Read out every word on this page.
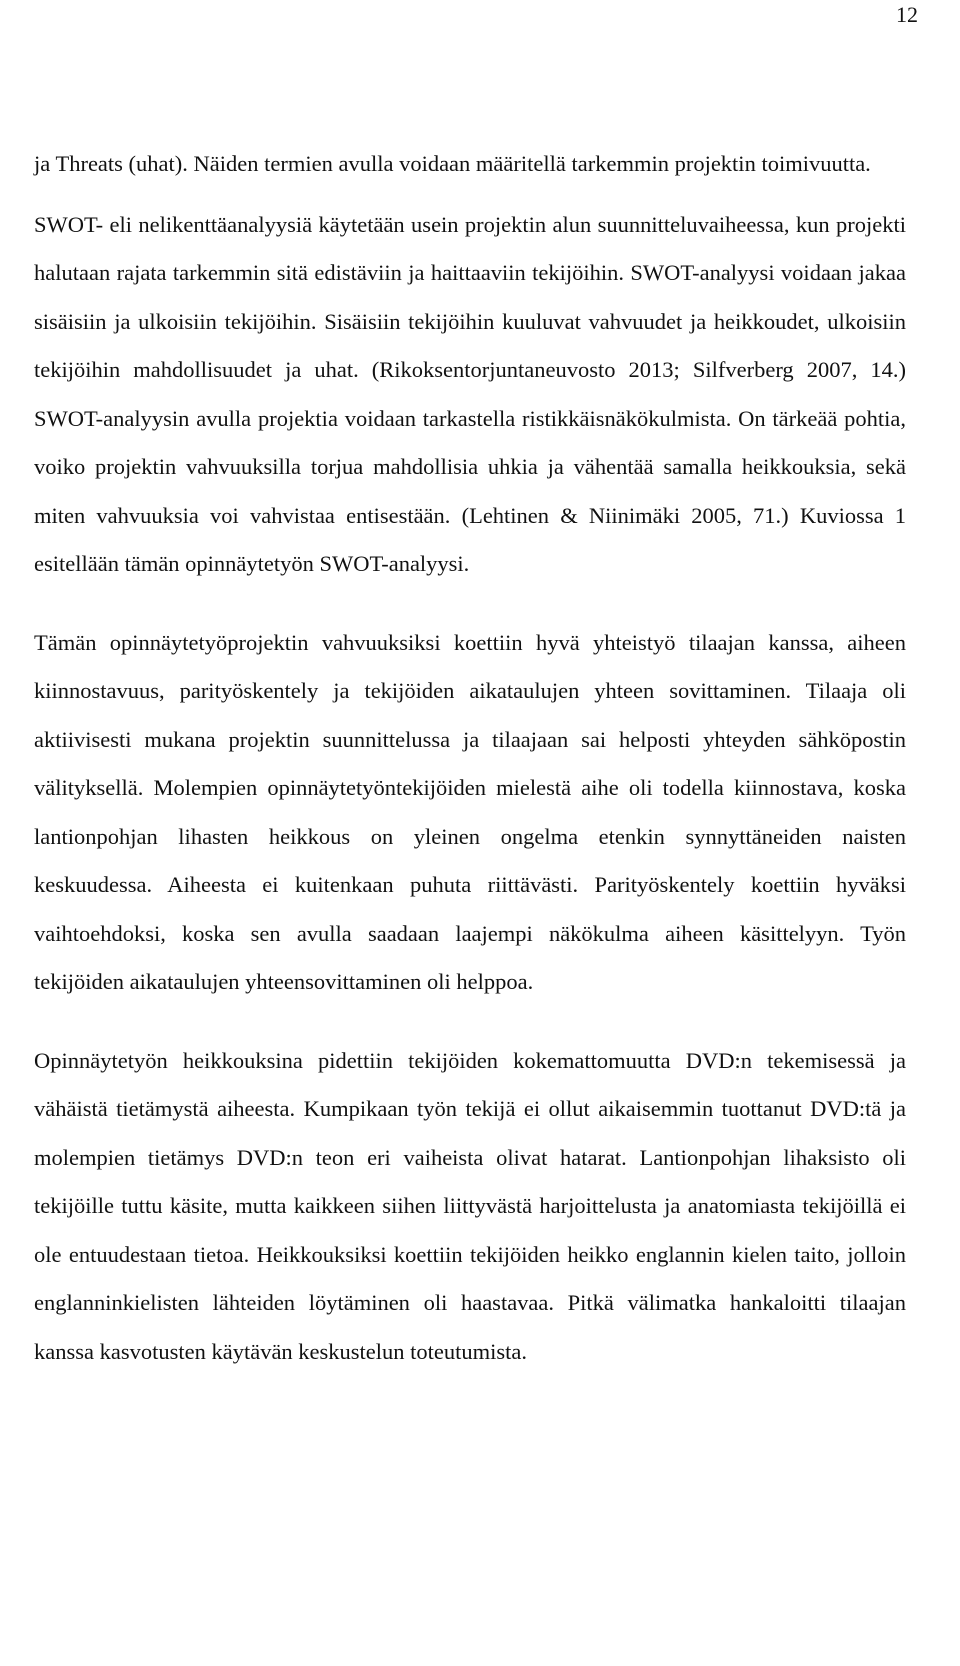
12

ja Threats (uhat). Näiden termien avulla voidaan määritellä tarkemmin projektin toimivuutta.

SWOT- eli nelikenttäanalyysiä käytetään usein projektin alun suunnitteluvaiheessa, kun projekti halutaan rajata tarkemmin sitä edistäviin ja haittaaviin tekijöihin. SWOT-analyysi voidaan jakaa sisäisiin ja ulkoisiin tekijöihin. Sisäisiin tekijöihin kuuluvat vahvuudet ja heikkoudet, ulkoisiin tekijöihin mahdollisuudet ja uhat. (Rikoksentorjuntaneuvosto 2013; Silfverberg 2007, 14.) SWOT-analyysin avulla projektia voidaan tarkastella ristikkäisnäkökulmista. On tärkeää pohtia, voiko projektin vahvuuksilla torjua mahdollisia uhkia ja vähentää samalla heikkouksia, sekä miten vahvuuksia voi vahvistaa entisestään. (Lehtinen & Niinimäki 2005, 71.) Kuviossa 1 esitellään tämän opinnäytetyön SWOT-analyysi.

Tämän opinnäytetyöprojektin vahvuuksiksi koettiin hyvä yhteistyö tilaajan kanssa, aiheen kiinnostavuus, parityöskentely ja tekijöiden aikataulujen yhteen sovittaminen. Tilaaja oli aktiivisesti mukana projektin suunnittelussa ja tilaajaan sai helposti yhteyden sähköpostin välityksellä. Molempien opinnäytetyöntekijöiden mielestä aihe oli todella kiinnostava, koska lantionpohjan lihasten heikkous on yleinen ongelma etenkin synnyttäneiden naisten keskuudessa. Aiheesta ei kuitenkaan puhuta riittävästi. Parityöskentely koettiin hyväksi vaihtoehdoksi, koska sen avulla saadaan laajempi näkökulma aiheen käsittelyyn. Työn tekijöiden aikataulujen yhteensovittaminen oli helppoa.

Opinnäytetyön heikkouksina pidettiin tekijöiden kokemattomuutta DVD:n tekemisessä ja vähäistä tietämystä aiheesta. Kumpikaan työn tekijä ei ollut aikaisemmin tuottanut DVD:tä ja molempien tietämys DVD:n teon eri vaiheista olivat hatarat. Lantionpohjan lihaksisto oli tekijöille tuttu käsite, mutta kaikkeen siihen liittyvästä harjoittelusta ja anatomiasta tekijöillä ei ole entuudestaan tietoa. Heikkouksiksi koettiin tekijöiden heikko englannin kielen taito, jolloin englanninkielisten lähteiden löytäminen oli haastavaa. Pitkä välimatka hankaloitti tilaajan kanssa kasvotusten käytävän keskustelun toteutumista.
